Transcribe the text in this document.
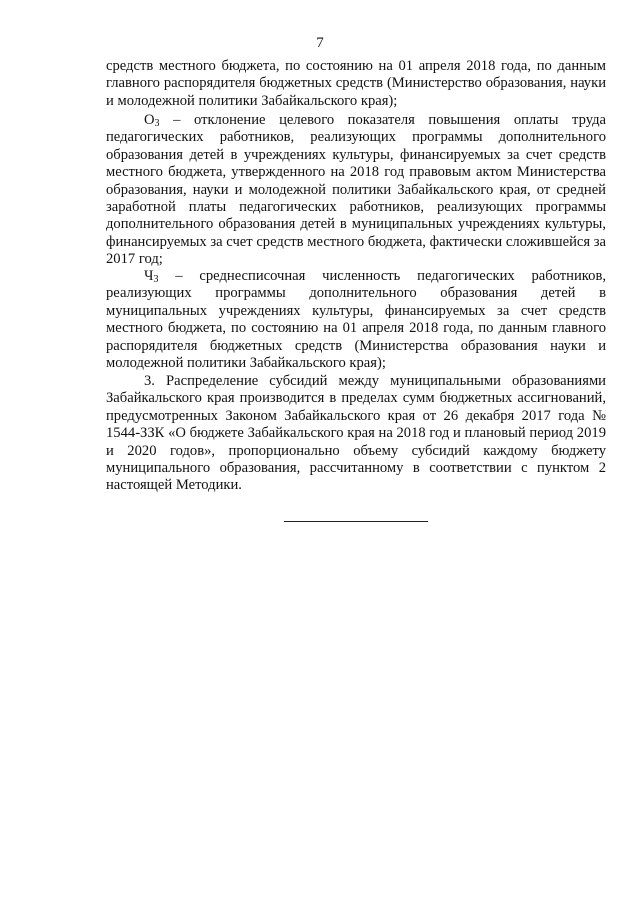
7

средств местного бюджета, по состоянию на 01 апреля 2018 года, по данным главного распорядителя бюджетных средств (Министерство образования, науки и молодежной политики Забайкальского края);

$О_3$ – отклонение целевого показателя повышения оплаты труда педагогических работников, реализующих программы дополнительного образования детей в учреждениях культуры, финансируемых за счет средств местного бюджета, утвержденного на 2018 год правовым актом Министерства образования, науки и молодежной политики Забайкальского края, от средней заработной платы педагогических работников, реализующих программы дополнительного образования детей в муниципальных учреждениях культуры, финансируемых за счет средств местного бюджета, фактически сложившейся за 2017 год;

$Ч_3$ – среднесписочная численность педагогических работников, реализующих программы дополнительного образования детей в муниципальных учреждениях культуры, финансируемых за счет средств местного бюджета, по состоянию на 01 апреля 2018 года, по данным главного распорядителя бюджетных средств (Министерства образования науки и молодежной политики Забайкальского края);

3. Распределение субсидий между муниципальными образованиями Забайкальского края производится в пределах сумм бюджетных ассигнований, предусмотренных Законом Забайкальского края от 26 декабря 2017 года № 1544-ЗЗК «О бюджете Забайкальского края на 2018 год и плановый период 2019 и 2020 годов», пропорционально объему субсидий каждому бюджету муниципального образования, рассчитанному в соответствии с пунктом 2 настоящей Методики.
